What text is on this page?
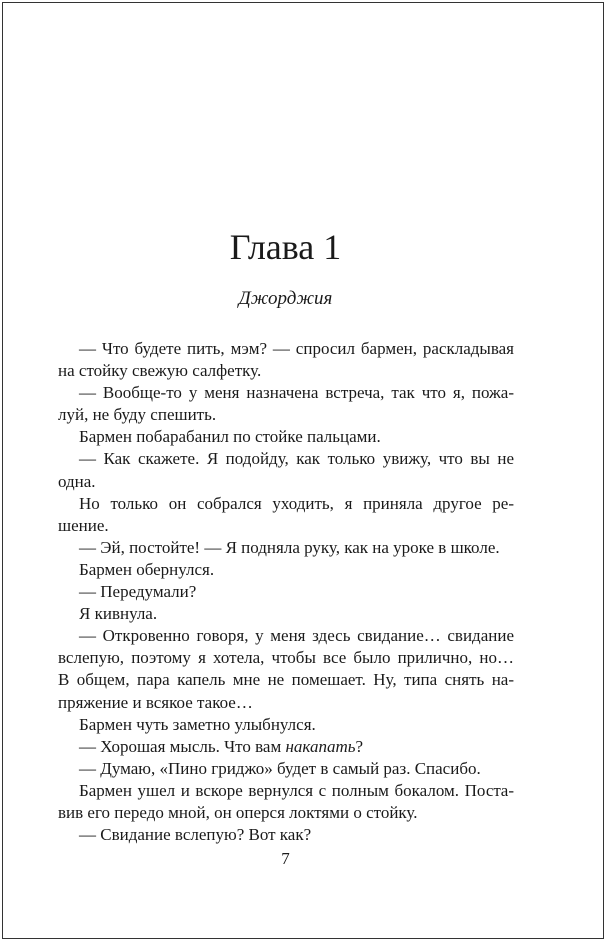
Глава 1
Джорджия
— Что будете пить, мэм? — спросил бармен, раскладывая
на стойку свежую салфетку.
— Вообще-то у меня назначена встреча, так что я, пожа-
луй, не буду спешить.
Бармен побарабанил по стойке пальцами.
— Как скажете. Я подойду, как только увижу, что вы не
одна.
Но только он собрался уходить, я приняла другое ре-
шение.
— Эй, постойте! — Я подняла руку, как на уроке в школе.
Бармен обернулся.
— Передумали?
Я кивнула.
— Откровенно говоря, у меня здесь свидание… свидание
вслепую, поэтому я хотела, чтобы все было прилично, но…
В общем, пара капель мне не помешает. Ну, типа снять на-
пряжение и всякое такое…
Бармен чуть заметно улыбнулся.
— Хорошая мысль. Что вам накапать?
— Думаю, «Пино гриджо» будет в самый раз. Спасибо.
Бармен ушел и вскоре вернулся с полным бокалом. Постa-
вив его передо мной, он оперся локтями о стойку.
— Свидание вслепую? Вот как?
7
